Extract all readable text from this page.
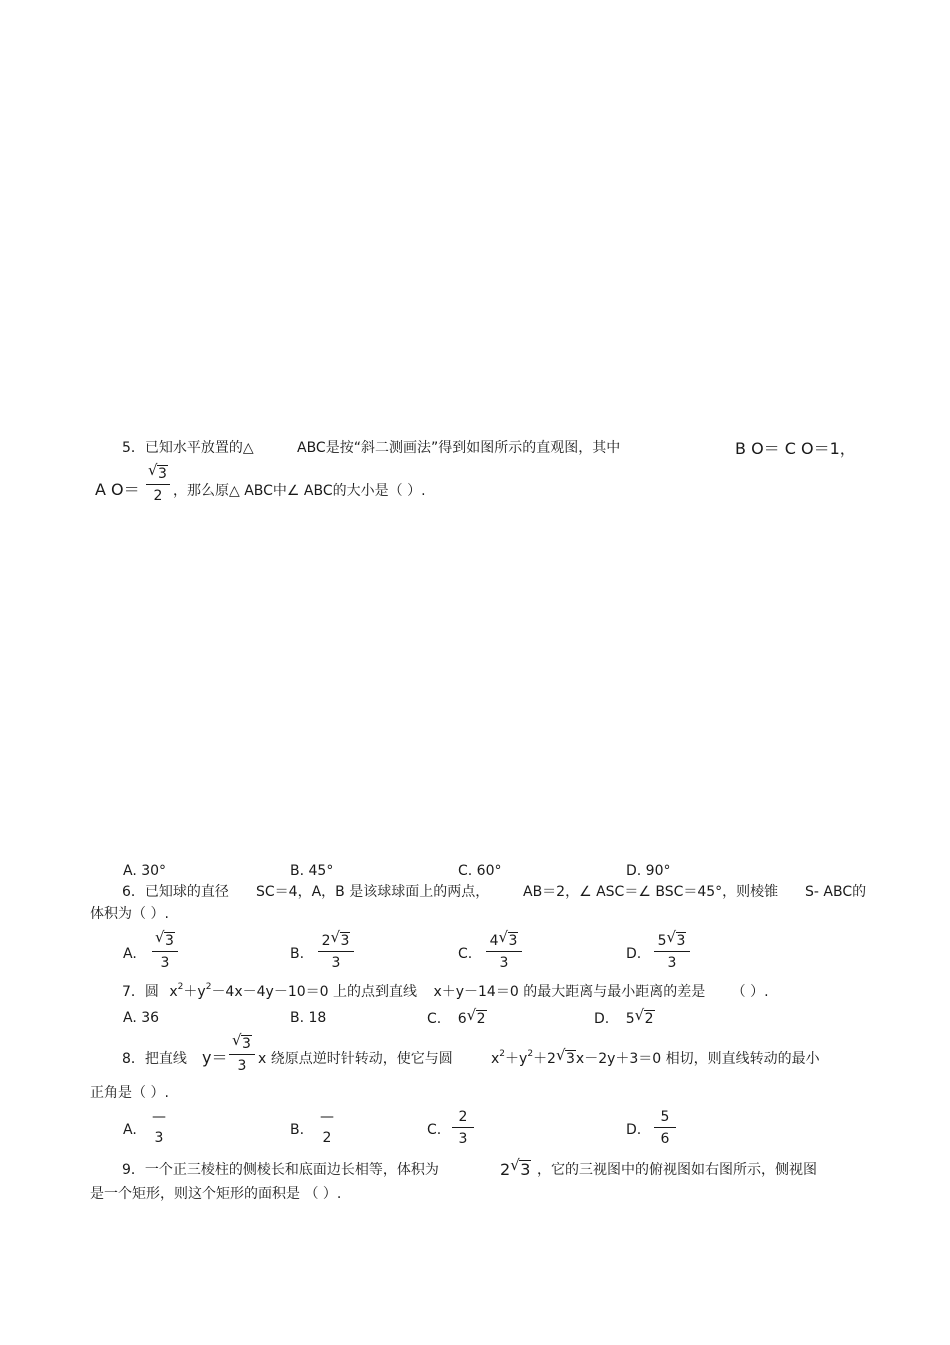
5．已知水平放置的△	ABC是按“斜二测画法”得到如图所示的直观图，其中	B O＝ C O＝1，
A O＝
√ 3
2 ，那么原△ ABC中∠ ABC的大小是（ ）.
A. 30°	B. 45°	C. 60°	D. 90°
6．已知球的直径 SC＝4，A，B 是该球球面上的两点， AB＝2，∠ ASC＝∠ BSC＝45°，则棱锥 S- ABC的
体积为（ ）.
A.
√ 3
3
B.
2 √ 3
3
C.
4 √ 3
3
D.
5 √ 3
3
7．圆 $x^2+y^2-4x-4y-10=0$ 上的点到直线 x＋y－14＝0 的最大距离与最小距离的差是 （ ）.
A. 36	B. 18	C. 6 √ 2	D. 5 √ 2
8．把直线 y＝
√ 3
3 x 绕原点逆时针转动，使它与圆	$x^2+y^2+2$ √ 3x－2y＋3＝0 相切，则直线转动的最小
正角是（ ）.
A.
—
3	B.
—
2	C.
2
3
D.
5
6
9．一个正三棱柱的侧棱长和底面边长相等，体积为	2 √ 3 ，它的三视图中的俯视图如右图所示，侧视图
是一个矩形，则这个矩形的面积是 （ ）.
